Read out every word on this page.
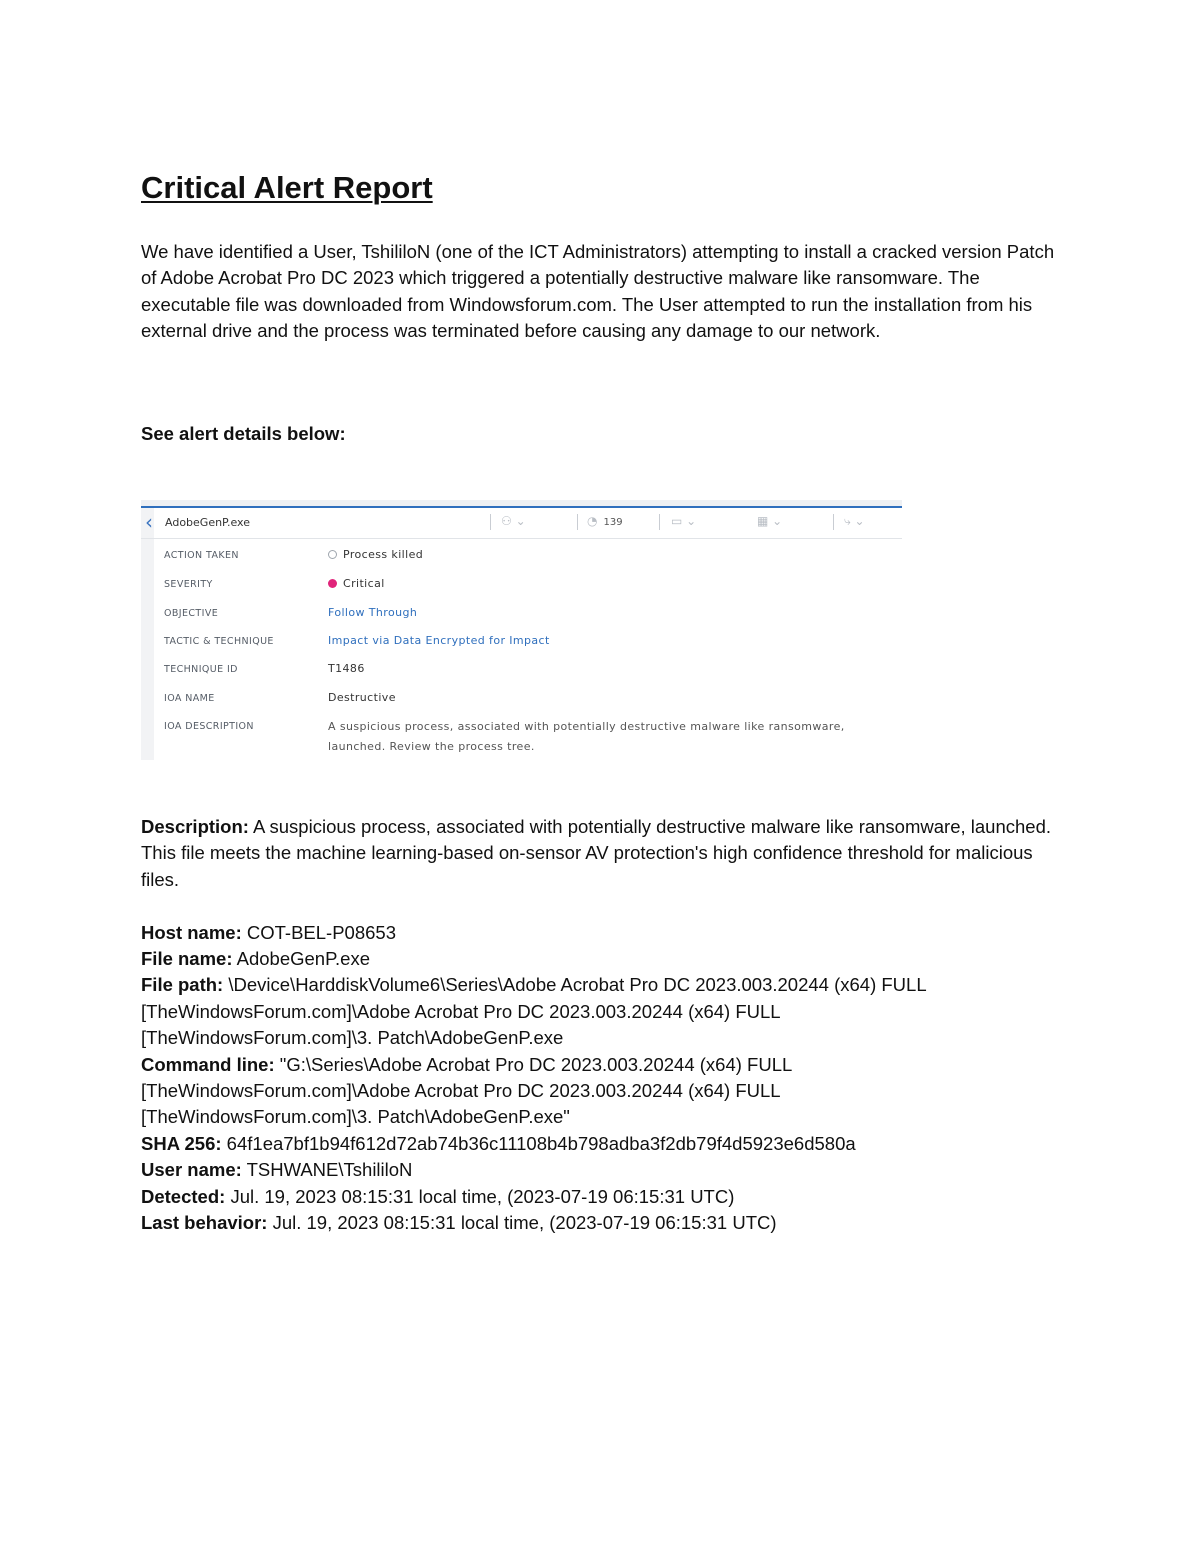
Critical Alert Report
We have identified a User, TshililoN (one of the ICT Administrators) attempting to install a cracked version Patch of Adobe Acrobat Pro DC 2023 which triggered a potentially destructive malware like ransomware. The executable file was downloaded from Windowsforum.com. The User attempted to run the installation from his external drive and the process was terminated before causing any damage to our network.
See alert details below:
‹ AdobeGenP.exe	⚇ ⌄	◔ 139	▭ ⌄	▦ ⌄	⤷ ⌄
ACTION TAKEN	Process killed
SEVERITY	Critical
OBJECTIVE	Follow Through
TACTIC & TECHNIQUE	Impact via Data Encrypted for Impact
TECHNIQUE ID	T1486
IOA NAME	Destructive
IOA DESCRIPTION	A suspicious process, associated with potentially destructive malware like ransomware, launched. Review the process tree.

Description: A suspicious process, associated with potentially destructive malware like ransomware, launched. This file meets the machine learning-based on-sensor AV protection's high confidence threshold for malicious files.

Host name: COT-BEL-P08653

File name: AdobeGenP.exe

File path: \Device\HarddiskVolume6\Series\Adobe Acrobat Pro DC 2023.003.20244 (x64) FULL [TheWindowsForum.com]\Adobe Acrobat Pro DC 2023.003.20244 (x64) FULL [TheWindowsForum.com]\3. Patch\AdobeGenP.exe

Command line: "G:\Series\Adobe Acrobat Pro DC 2023.003.20244 (x64) FULL [TheWindowsForum.com]\Adobe Acrobat Pro DC 2023.003.20244 (x64) FULL [TheWindowsForum.com]\3. Patch\AdobeGenP.exe"

SHA 256: 64f1ea7bf1b94f612d72ab74b36c11108b4b798adba3f2db79f4d5923e6d580a

User name: TSHWANE\TshililoN

Detected: Jul. 19, 2023 08:15:31 local time, (2023-07-19 06:15:31 UTC)

Last behavior: Jul. 19, 2023 08:15:31 local time, (2023-07-19 06:15:31 UTC)
